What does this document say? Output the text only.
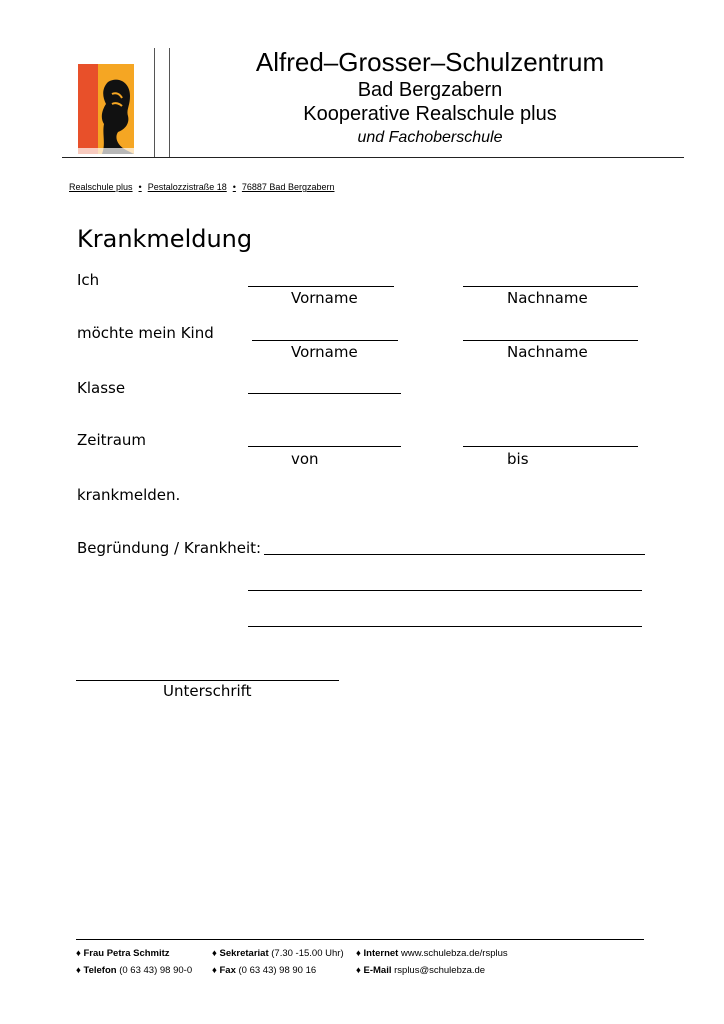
Alfred–Grosser–Schulzentrum
Bad Bergzabern
Kooperative Realschule plus
und Fachoberschule
Realschule plus • Pestalozzistraße 18 • 76887 Bad Bergzabern
Krankmeldung
Ich
Vorname	Nachname
möchte mein Kind
Vorname	Nachname
Klasse
Zeitraum
von	bis
krankmelden.
Begründung / Krankheit:
Unterschrift
♦ Frau Petra Schmitz	♦ Sekretariat (7.30 -15.00 Uhr) ♦ Internet www.schulebza.de/rsplus
♦ Telefon (0 63 43) 98 90-0 ♦ Fax (0 63 43) 98 90 16	♦ E-Mail rsplus@schulebza.de
